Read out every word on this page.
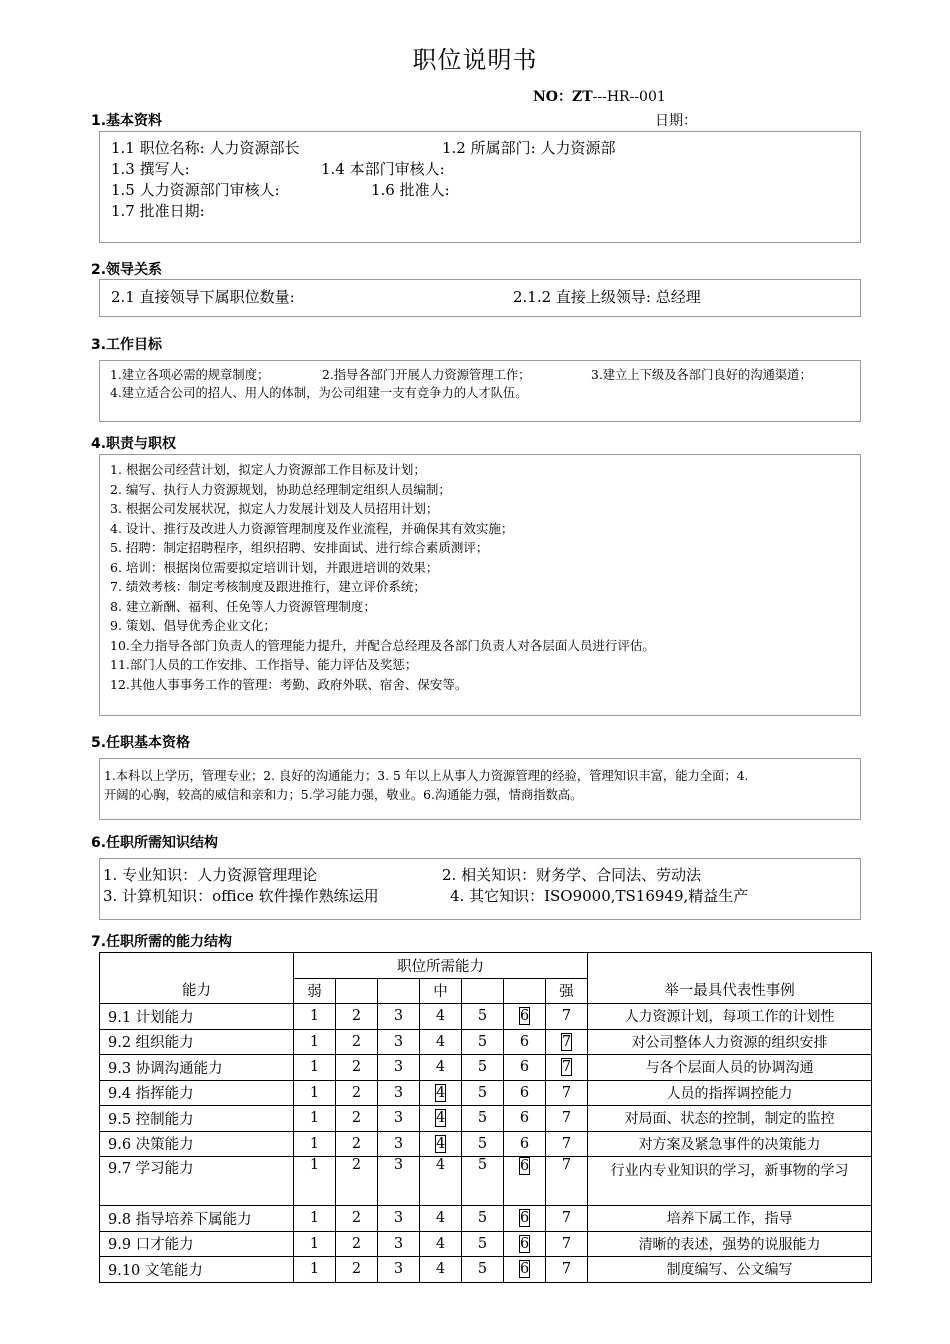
职位说明书
NO：ZT---HR--001
日期：
1.基本资料
1.1 职位名称: 人力资源部长	1.2 所属部门: 人力资源部
1.3 撰写人:	1.4 本部门审核人:
1.5 人力资源部门审核人:	1.6 批准人:
1.7 批准日期:
2.领导关系
2.1 直接领导下属职位数量:	2.1.2 直接上级领导: 总经理
3.工作目标
1.建立各项必需的规章制度；	2.指导各部门开展人力资源管理工作；	3.建立上下级及各部门良好的沟通渠道；
4.建立适合公司的招人、用人的体制，为公司组建一支有竞争力的人才队伍。
4.职责与职权
1. 根据公司经营计划，拟定人力资源部工作目标及计划；
2. 编写、执行人力资源规划，协助总经理制定组织人员编制；
3. 根据公司发展状况，拟定人力发展计划及人员招用计划；
4. 设计、推行及改进人力资源管理制度及作业流程，并确保其有效实施；
5. 招聘：制定招聘程序，组织招聘、安排面试、进行综合素质测评；
6. 培训：根据岗位需要拟定培训计划，并跟进培训的效果；
7. 绩效考核：制定考核制度及跟进推行，建立评价系统；
8. 建立新酬、福利、任免等人力资源管理制度；
9. 策划、倡导优秀企业文化；
10.全力指导各部门负责人的管理能力提升，并配合总经理及各部门负责人对各层面人员进行评估。
11.部门人员的工作安排、工作指导、能力评估及奖惩；
12.其他人事事务工作的管理：考勤、政府外联、宿舍、保安等。
5.任职基本资格
1.本科以上学历，管理专业；2. 良好的沟通能力；3. 5 年以上从事人力资源管理的经验，管理知识丰富，能力全面；4.
开阔的心胸，较高的威信和亲和力；5.学习能力强，敬业。6.沟通能力强，情商指数高。
6.任职所需知识结构
1. 专业知识：人力资源管理理论	2. 相关知识：财务学、合同法、劳动法
3. 计算机知识：office 软件操作熟练运用	4. 其它知识：ISO9000,TS16949,精益生产
7.任职所需的能力结构
能力	职位所需能力							举一最具代表性事例
	弱			中			强	
9.1 计划能力	1	2	3	4	5	6	7	人力资源计划，每项工作的计划性
9.2 组织能力	1	2	3	4	5	6	7	对公司整体人力资源的组织安排
9.3 协调沟通能力	1	2	3	4	5	6	7	与各个层面人员的协调沟通
9.4 指挥能力	1	2	3	4	5	6	7	人员的指挥调控能力
9.5 控制能力	1	2	3	4	5	6	7	对局面、状态的控制，制定的监控
9.6 决策能力	1	2	3	4	5	6	7	对方案及紧急事件的决策能力
9.7 学习能力	1	2	3	4	5	6	7	行业内专业知识的学习，新事物的学习
9.8 指导培养下属能力	1	2	3	4	5	6	7	培养下属工作，指导
9.9 口才能力	1	2	3	4	5	6	7	清晰的表述，强势的说服能力
9.10 文笔能力	1	2	3	4	5	6	7	制度编写、公文编写
